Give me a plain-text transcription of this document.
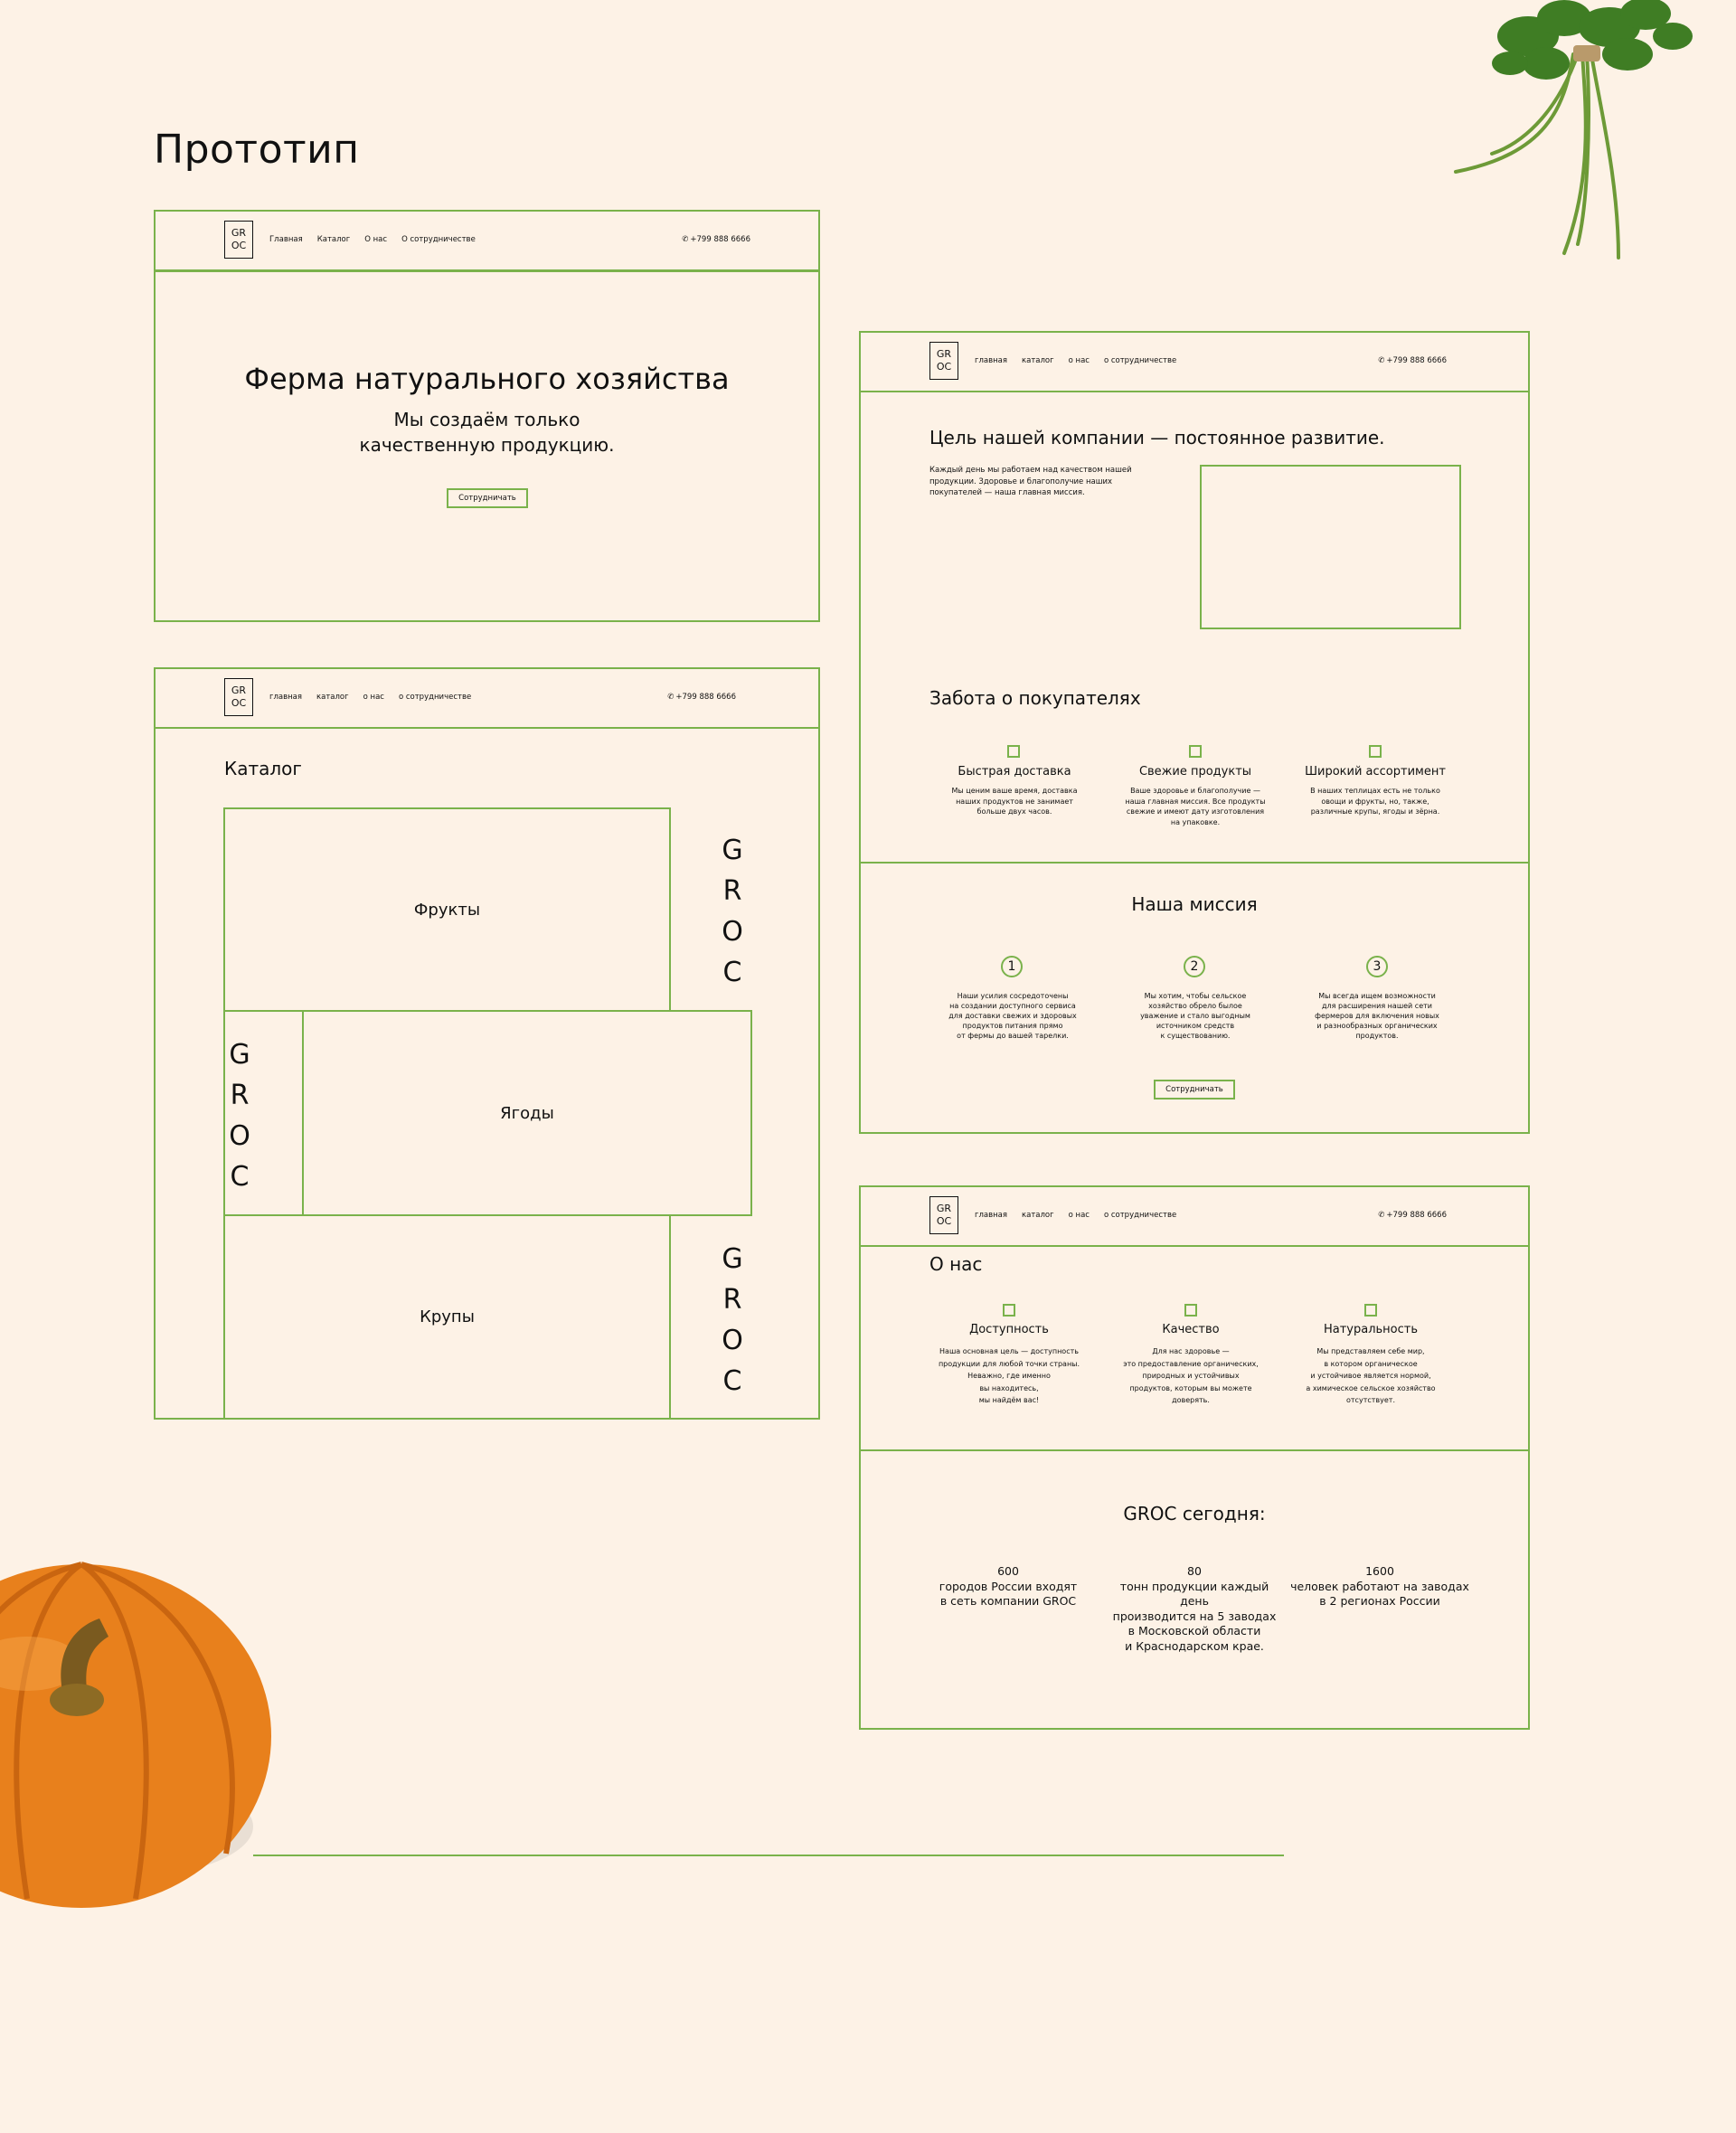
Прототип
GR
OC	Главная Каталог О нас О сотрудничестве	✆ +799 888 6666
Ферма натурального хозяйства
Мы создаём только
качественную продукцию.
Сотрудничать
GR
OC	главная каталог о нас о сотрудничестве	✆ +799 888 6666
Каталог
Фрукты
Ягоды
Крупы
G
R
O
C
G
R
O
C
G
R
O
C
GR
OC	главная каталог о нас о сотрудничестве	✆ +799 888 6666
Цель нашей компании — постоянное развитие.
Каждый день мы работаем над качеством нашей
продукции. Здоровье и благополучие наших
покупателей — наша главная миссия.
Забота о покупателях
Быстрая доставка
Мы ценим ваше время, доставка
наших продуктов не занимает
больше двух часов.
Свежие продукты
Ваше здоровье и благополучие —
наша главная миссия. Все продукты
свежие и имеют дату изготовления
на упаковке.
Широкий ассортимент
В наших теплицах есть не только
овощи и фрукты, но, также,
различные крупы, ягоды и зёрна.
Наша миссия
1
Наши усилия сосредоточены
на создании доступного сервиса
для доставки свежих и здоровых
продуктов питания прямо
от фермы до вашей тарелки.
2
Мы хотим, чтобы сельское
хозяйство обрело былое
уважение и стало выгодным
источником средств
к существованию.
3
Мы всегда ищем возможности
для расширения нашей сети
фермеров для включения новых
и разнообразных органических
продуктов.
Сотрудничать
GR
OC	главная каталог о нас о сотрудничестве	✆ +799 888 6666
О нас
Доступность
Наша основная цель — доступность
продукции для любой точки страны.
Неважно, где именно
вы находитесь,
мы найдём вас!
Качество
Для нас здоровье —
это предоставление органических,
природных и устойчивых
продуктов, которым вы можете
доверять.
Натуральность
Мы представляем себе мир,
в котором органическое
и устойчивое является нормой,
а химическое сельское хозяйство
отсутствует.
GROC сегодня:
600
городов России входят
в сеть компании GROC
80
тонн продукции каждый день
производится на 5 заводах
в Московской области
и Краснодарском крае.
1600
человек работают на заводах
в 2 регионах России
